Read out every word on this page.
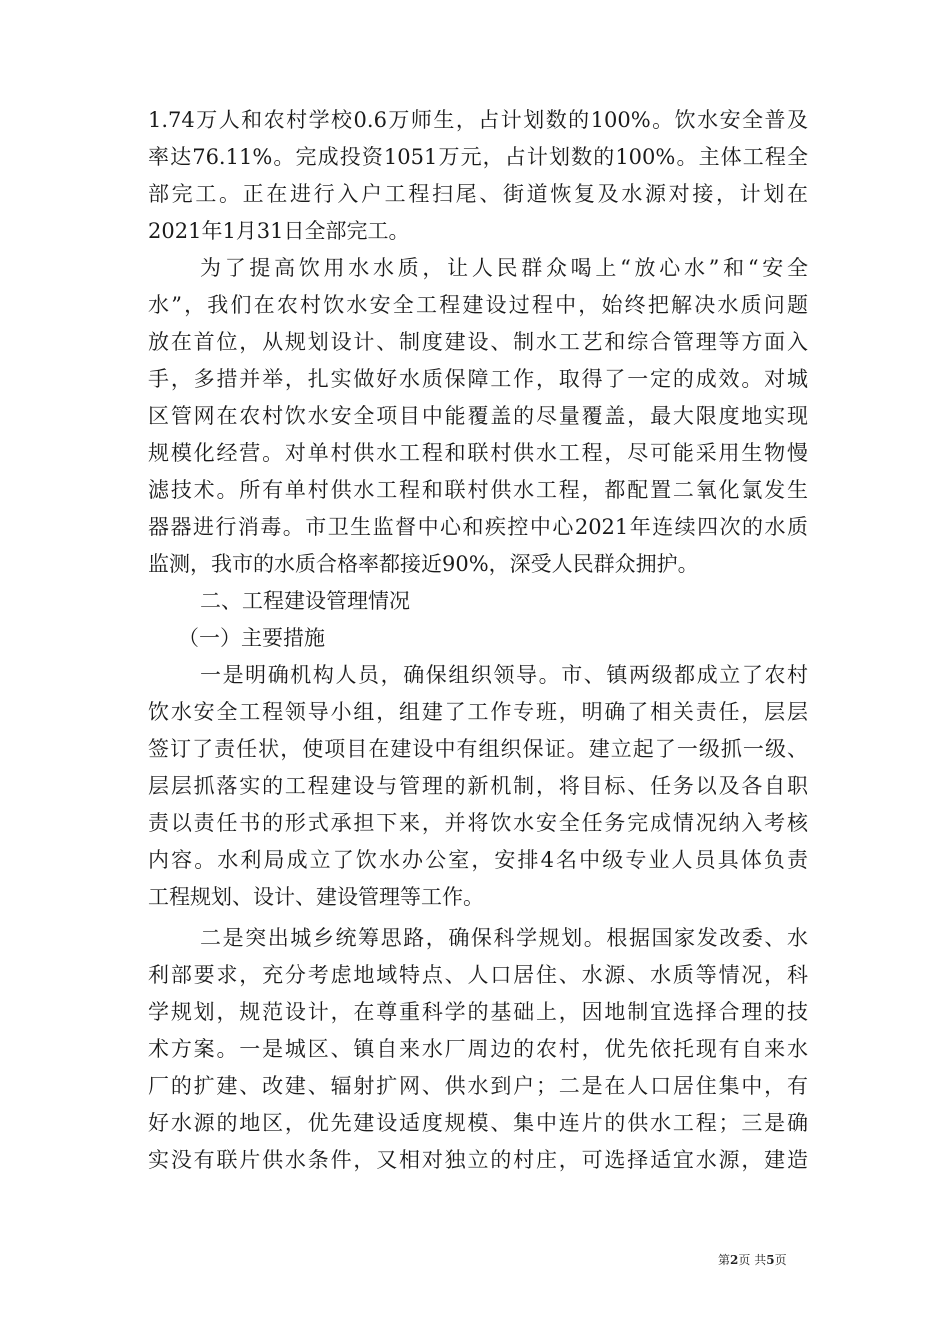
1.74万人和农村学校0.6万师生，占计划数的100%。饮水安全普及
率达76.11%。完成投资1051万元，占计划数的100%。主体工程全
部完工。正在进行入户工程扫尾、街道恢复及水源对接，计划在
2021年1月31日全部完工。
为了提高饮用水水质，让人民群众喝上“放心水”和“安全
水”，我们在农村饮水安全工程建设过程中，始终把解决水质问题
放在首位，从规划设计、制度建设、制水工艺和综合管理等方面入
手，多措并举，扎实做好水质保障工作，取得了一定的成效。对城
区管网在农村饮水安全项目中能覆盖的尽量覆盖，最大限度地实现
规模化经营。对单村供水工程和联村供水工程，尽可能采用生物慢
滤技术。所有单村供水工程和联村供水工程，都配置二氧化氯发生
器器进行消毒。市卫生监督中心和疾控中心2021年连续四次的水质
监测，我市的水质合格率都接近90%，深受人民群众拥护。
二、工程建设管理情况
（一）主要措施
一是明确机构人员，确保组织领导。市、镇两级都成立了农村
饮水安全工程领导小组，组建了工作专班，明确了相关责任，层层
签订了责任状，使项目在建设中有组织保证。建立起了一级抓一级、
层层抓落实的工程建设与管理的新机制，将目标、任务以及各自职
责以责任书的形式承担下来，并将饮水安全任务完成情况纳入考核
内容。水利局成立了饮水办公室，安排4名中级专业人员具体负责
工程规划、设计、建设管理等工作。
二是突出城乡统筹思路，确保科学规划。根据国家发改委、水
利部要求，充分考虑地域特点、人口居住、水源、水质等情况，科
学规划，规范设计，在尊重科学的基础上，因地制宜选择合理的技
术方案。一是城区、镇自来水厂周边的农村，优先依托现有自来水
厂的扩建、改建、辐射扩网、供水到户；二是在人口居住集中，有
好水源的地区，优先建设适度规模、集中连片的供水工程；三是确
实没有联片供水条件，又相对独立的村庄，可选择适宜水源，建造
第2页 共5页
